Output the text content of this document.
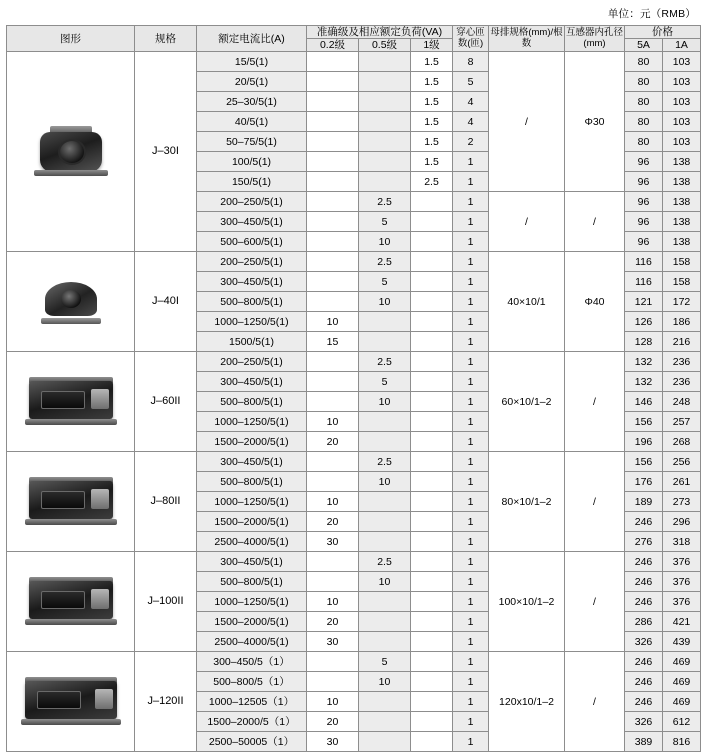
单位：元（RMB）
图形	规格	额定电流比(A)	准确级及相应额定负荷(VA)			穿心匝数(匝)	母排规格(mm)/根数	互感器内孔径(mm)	价格	
			0.2级	0.5级	1级				5A	1A

	J–30I	15/5(1)			1.5	8	/	Φ30	80	103
		20/5(1)			1.5	5			80	103
		25–30/5(1)			1.5	4			80	103
		40/5(1)			1.5	4			80	103
		50–75/5(1)			1.5	2			80	103
		100/5(1)			1.5	1			96	138
		150/5(1)			2.5	1			96	138
		200–250/5(1)		2.5		1	/	/	96	138
		300–450/5(1)		5		1			96	138
		500–600/5(1)		10		1			96	138

	J–40I	200–250/5(1)		2.5		1	40×10/1	Φ40	116	158
		300–450/5(1)		5		1			116	158
		500–800/5(1)		10		1			121	172
		1000–1250/5(1)	10			1			126	186
		1500/5(1)	15			1			128	216

	J–60II	200–250/5(1)		2.5		1	60×10/1–2	/	132	236
		300–450/5(1)		5		1			132	236
		500–800/5(1)		10		1			146	248
		1000–1250/5(1)	10			1			156	257
		1500–2000/5(1)	20			1			196	268

	J–80II	300–450/5(1)		2.5		1	80×10/1–2	/	156	256
		500–800/5(1)		10		1			176	261
		1000–1250/5(1)	10			1			189	273
		1500–2000/5(1)	20			1			246	296
		2500–4000/5(1)	30			1			276	318

	J–100II	300–450/5(1)		2.5		1	100×10/1–2	/	246	376
		500–800/5(1)		10		1			246	376
		1000–1250/5(1)	10			1			246	376
		1500–2000/5(1)	20			1			286	421
		2500–4000/5(1)	30			1			326	439

	J–120II	300–450/5（1）		5		1	120x10/1–2	/	246	469
		500–800/5（1）		10		1			246	469
		1000–12505（1）	10			1			246	469
		1500–2000/5（1）	20			1			326	612
		2500–50005（1）	30			1			389	816
